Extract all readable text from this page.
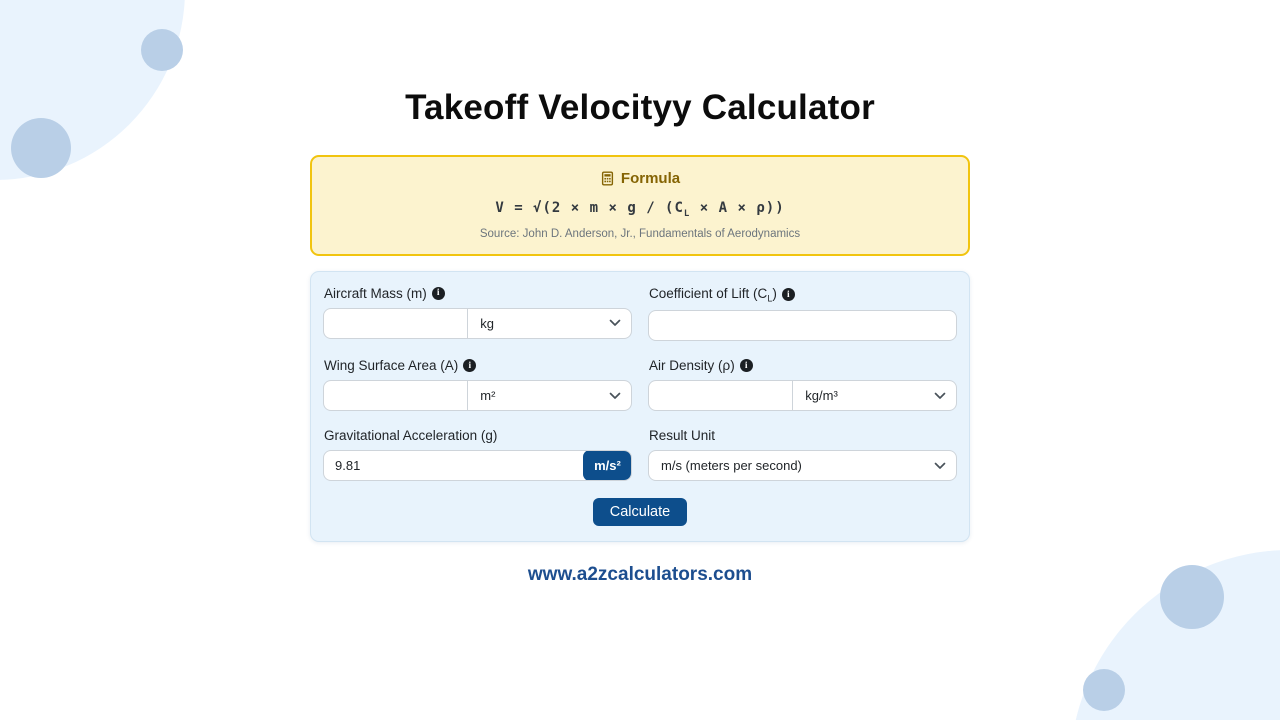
Takeoff Velocityy Calculator
Formula
$V = √(2 \times m \times g / (C_L \times A \times \rho))$
Source: John D. Anderson, Jr., Fundamentals of Aerodynamics
Aircraft Mass (m) i
kg	Coefficient of Lift $(C_L)$
i
Wing Surface Area (A) i
m²	Air Density (ρ)
i
kg/m³
Gravitational Acceleration (g)
9.81
m/s²
Result Unit
m/s (meters per second)
Calculate
www.a2zcalculators.com
